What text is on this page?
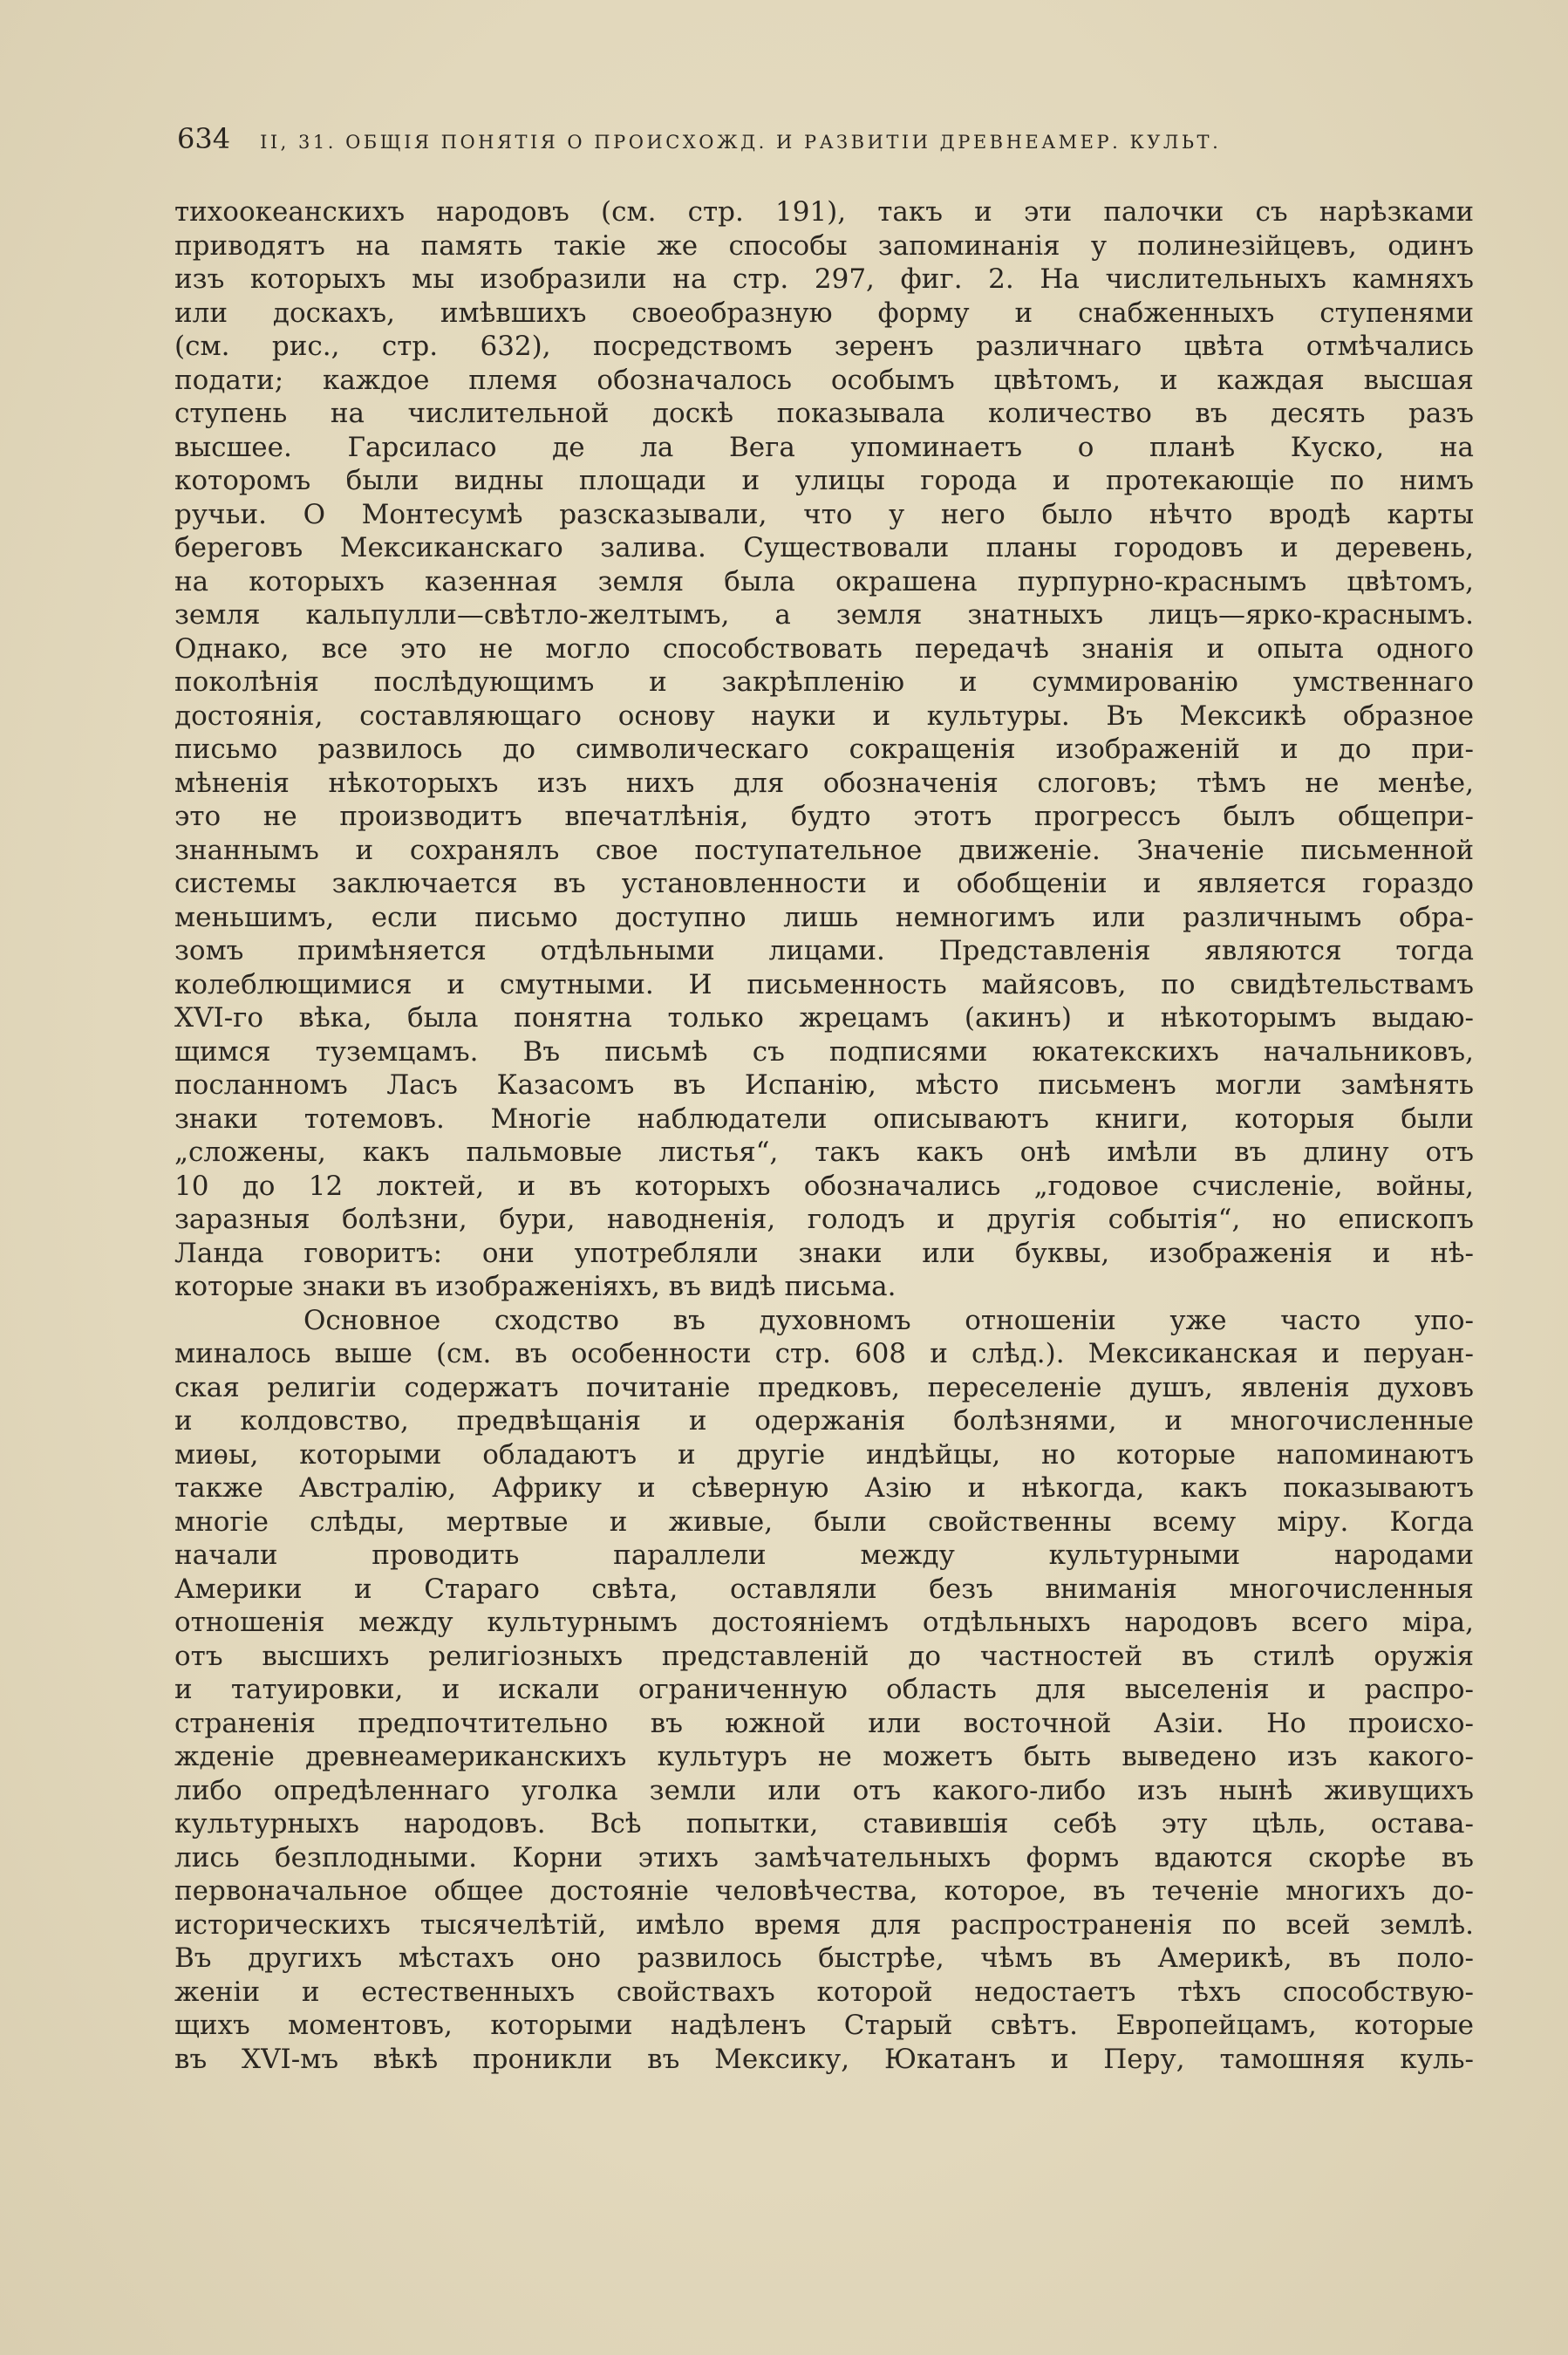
634 II, 31. ОБЩІЯ ПОНЯТІЯ О ПРОИСХОЖД. И РАЗВИТІИ ДРЕВНЕАМЕР. КУЛЬТ.
тихоокеанскихъ народовъ (см. стр. 191), такъ и эти палочки съ нарѣзками
приводятъ на память такіе же способы запоминанія у полинезійцевъ, одинъ
изъ которыхъ мы изобразили на стр. 297, фиг. 2. На числительныхъ камняхъ
или доскахъ, имѣвшихъ своеобразную форму и снабженныхъ ступенями
(см. рис., стр. 632), посредствомъ зеренъ различнаго цвѣта отмѣчались
подати; каждое племя обозначалось особымъ цвѣтомъ, и каждая высшая
ступень на числительной доскѣ показывала количество въ десять разъ
высшее. Гарсиласо де ла Вега упоминаетъ о планѣ Куско, на
которомъ были видны площади и улицы города и протекающіе по нимъ
ручьи. О Монтесумѣ разсказывали, что у него было нѣчто вродѣ карты
береговъ Мексиканскаго залива. Существовали планы городовъ и деревень,
на которыхъ казенная земля была окрашена пурпурно-краснымъ цвѣтомъ,
земля кальпулли—свѣтло-желтымъ, а земля знатныхъ лицъ—ярко-краснымъ.
Однако, все это не могло способствовать передачѣ знанія и опыта одного
поколѣнія послѣдующимъ и закрѣпленію и суммированію умственнаго
достоянія, составляющаго основу науки и культуры. Въ Мексикѣ образное
письмо развилось до символическаго сокращенія изображеній и до при-
мѣненія нѣкоторыхъ изъ нихъ для обозначенія слоговъ; тѣмъ не менѣе,
это не производитъ впечатлѣнія, будто этотъ прогрессъ былъ общепри-
знаннымъ и сохранялъ свое поступательное движеніе. Значеніе письменной
системы заключается въ установленности и обобщеніи и является гораздо
меньшимъ, если письмо доступно лишь немногимъ или различнымъ обра-
зомъ примѣняется отдѣльными лицами. Представленія являются тогда
колеблющимися и смутными. И письменность майясовъ, по свидѣтельствамъ
XVI-го вѣка, была понятна только жрецамъ (акинъ) и нѣкоторымъ выдаю-
щимся туземцамъ. Въ письмѣ съ подписями юкатекскихъ начальниковъ,
посланномъ Ласъ Казасомъ въ Испанію, мѣсто письменъ могли замѣнять
знаки тотемовъ. Многіе наблюдатели описываютъ книги, которыя были
„сложены, какъ пальмовые листья“, такъ какъ онѣ имѣли въ длину отъ
10 до 12 локтей, и въ которыхъ обозначались „годовое счисленіе, войны,
заразныя болѣзни, бури, наводненія, голодъ и другія событія“, но епископъ
Ланда говоритъ: они употребляли знаки или буквы, изображенія и нѣ-
которые знаки въ изображеніяхъ, въ видѣ письма.
Основное сходство въ духовномъ отношеніи уже часто упо-
миналось выше (см. въ особенности стр. 608 и слѣд.). Мексиканская и перуан-
ская религіи содержатъ почитаніе предковъ, переселеніе душъ, явленія духовъ
и колдовство, предвѣщанія и одержанія болѣзнями, и многочисленные
миѳы, которыми обладаютъ и другіе индѣйцы, но которые напоминаютъ
также Австралію, Африку и сѣверную Азію и нѣкогда, какъ показываютъ
многіе слѣды, мертвые и живые, были свойственны всему міру. Когда
начали проводить параллели между культурными народами
Америки и Стараго свѣта, оставляли безъ вниманія многочисленныя
отношенія между культурнымъ достояніемъ отдѣльныхъ народовъ всего міра,
отъ высшихъ религіозныхъ представленій до частностей въ стилѣ оружія
и татуировки, и искали ограниченную область для выселенія и распро-
страненія предпочтительно въ южной или восточной Азіи. Но происхо-
жденіе древнеамериканскихъ культуръ не можетъ быть выведено изъ какого-
либо опредѣленнаго уголка земли или отъ какого-либо изъ нынѣ живущихъ
культурныхъ народовъ. Всѣ попытки, ставившія себѣ эту цѣль, остава-
лись безплодными. Корни этихъ замѣчательныхъ формъ вдаются скорѣе въ
первоначальное общее достояніе человѣчества, которое, въ теченіе многихъ до-
историческихъ тысячелѣтій, имѣло время для распространенія по всей землѣ.
Въ другихъ мѣстахъ оно развилось быстрѣе, чѣмъ въ Америкѣ, въ поло-
женіи и естественныхъ свойствахъ которой недостаетъ тѣхъ способствую-
щихъ моментовъ, которыми надѣленъ Старый свѣтъ. Европейцамъ, которые
въ XVI-мъ вѣкѣ проникли въ Мексику, Юкатанъ и Перу, тамошняя куль-
